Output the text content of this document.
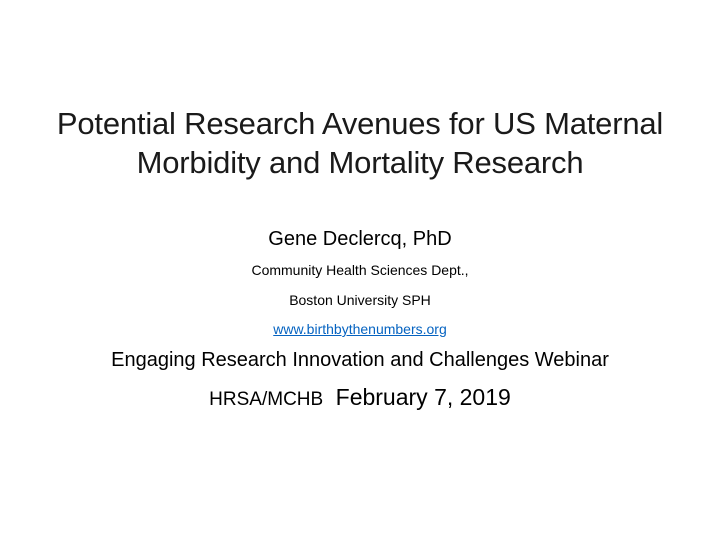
Potential Research Avenues for US Maternal
Morbidity and Mortality Research
Gene Declercq, PhD
Community Health Sciences Dept.,
Boston University SPH
www.birthbythenumbers.org
Engaging Research Innovation and Challenges Webinar
HRSA/MCHB February 7, 2019
